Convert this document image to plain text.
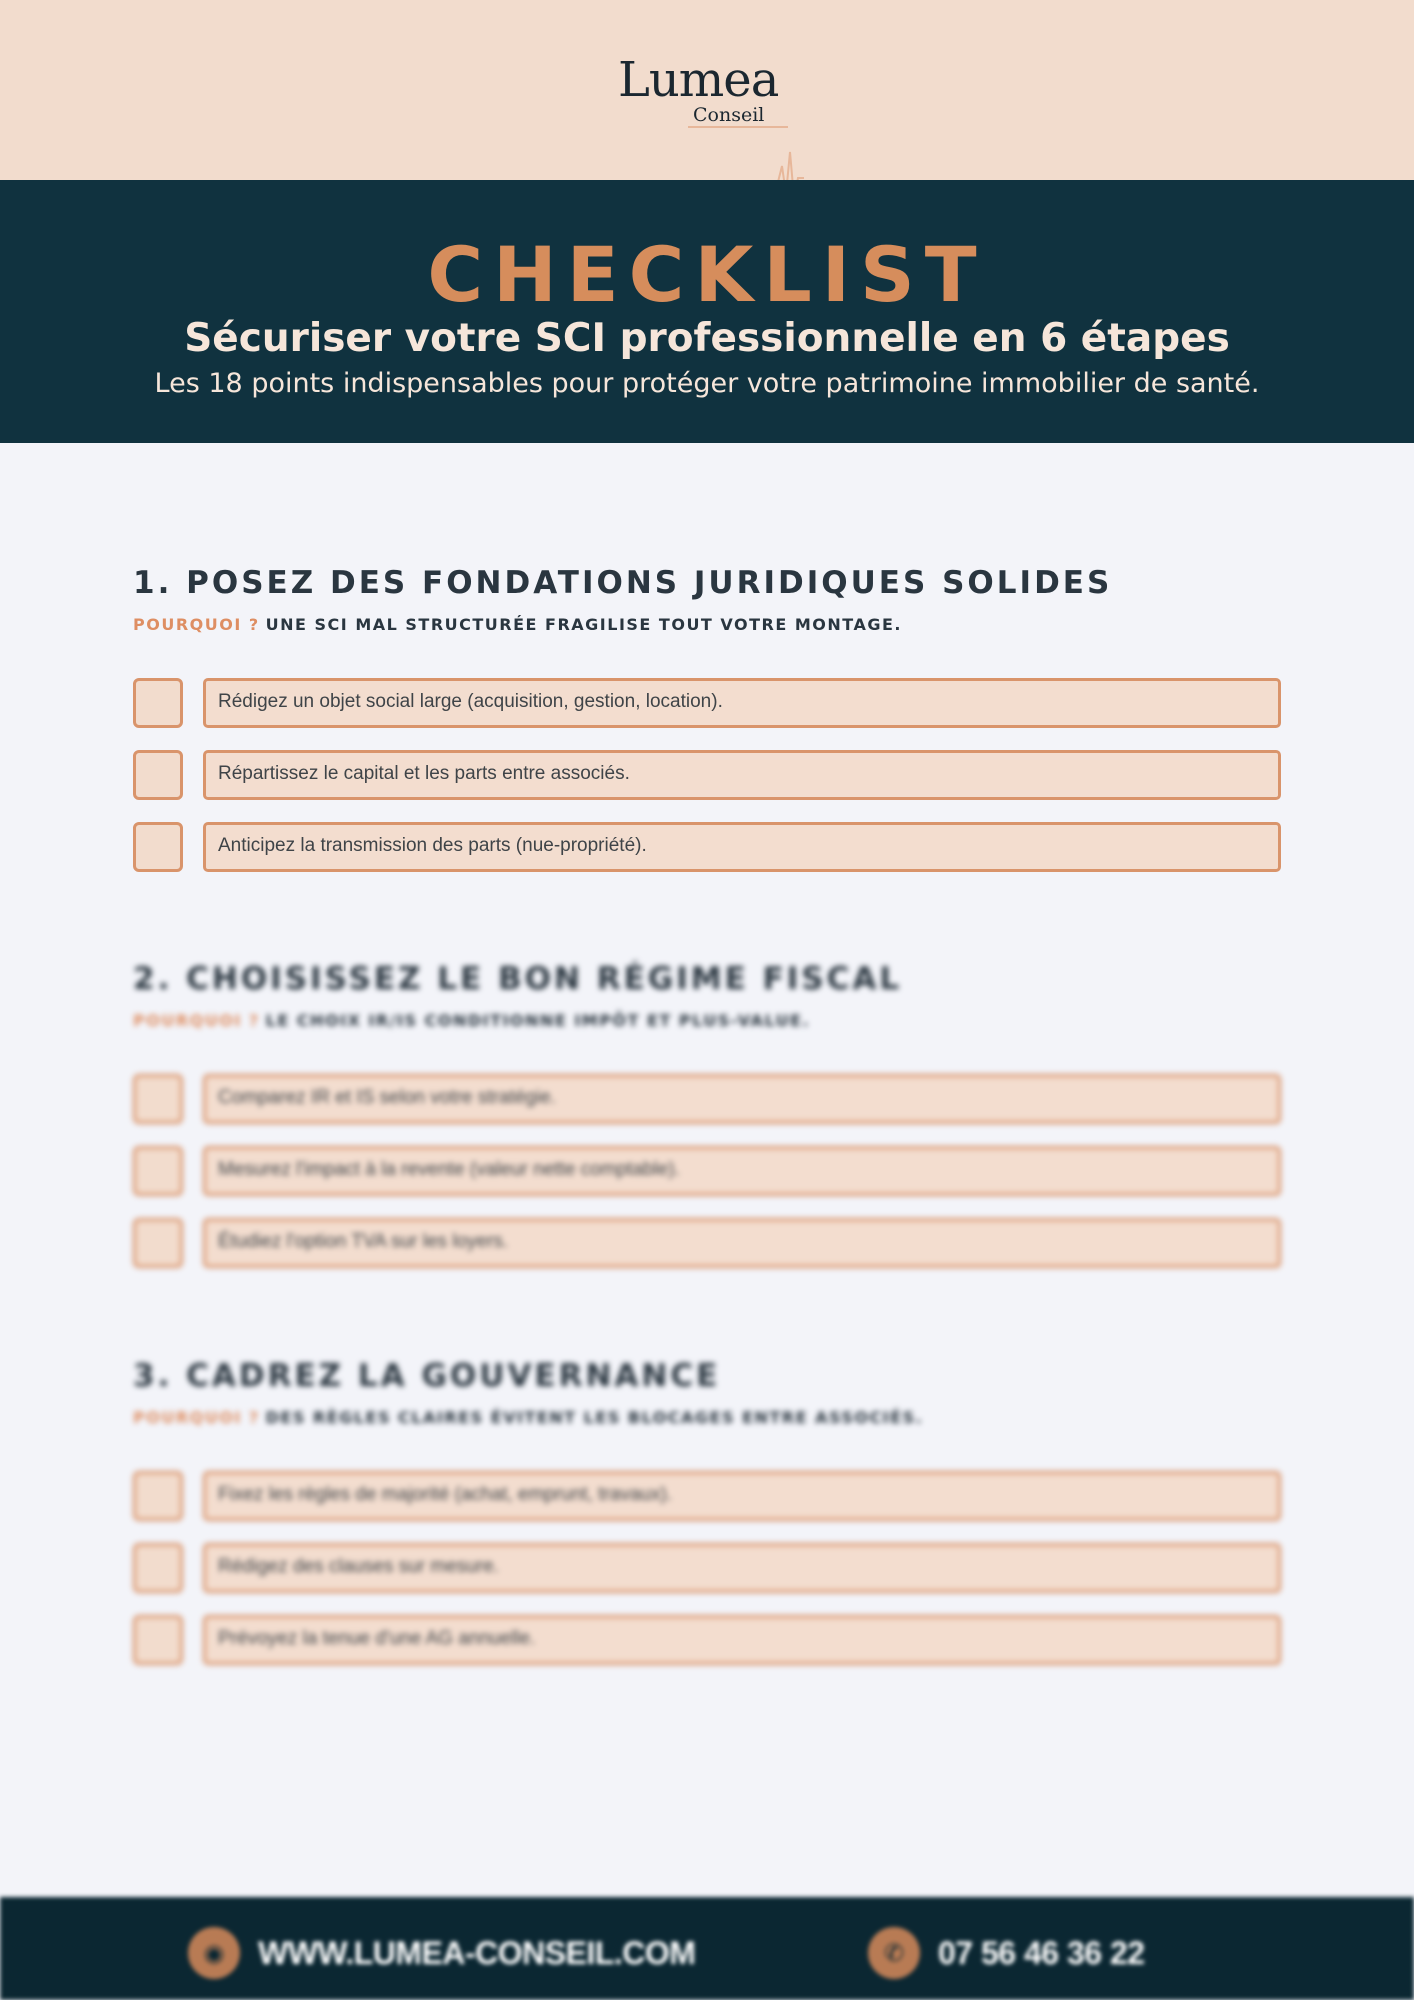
Lumea
Conseil
CHECKLIST
Sécuriser votre SCI professionnelle en 6 étapes
Les 18 points indispensables pour protéger votre patrimoine immobilier de santé.
1. POSEZ DES FONDATIONS JURIDIQUES SOLIDES
POURQUOI ? UNE SCI MAL STRUCTURÉE FRAGILISE TOUT VOTRE MONTAGE.
Rédigez un objet social large (acquisition, gestion, location).
Répartissez le capital et les parts entre associés.
Anticipez la transmission des parts (nue-propriété).
2. CHOISISSEZ LE BON RÉGIME FISCAL
POURQUOI ? LE CHOIX IR/IS CONDITIONNE IMPÔT ET PLUS-VALUE.
Comparez IR et IS selon votre stratégie.
Mesurez l'impact à la revente (valeur nette comptable).
Étudiez l'option TVA sur les loyers.
3. CADREZ LA GOUVERNANCE
POURQUOI ? DES RÈGLES CLAIRES ÉVITENT LES BLOCAGES ENTRE ASSOCIÉS.
Fixez les règles de majorité (achat, emprunt, travaux).
Rédigez des clauses sur mesure.
Prévoyez la tenue d'une AG annuelle.
◉	WWW.LUMEA-CONSEIL.COM	✆	07 56 46 36 22
